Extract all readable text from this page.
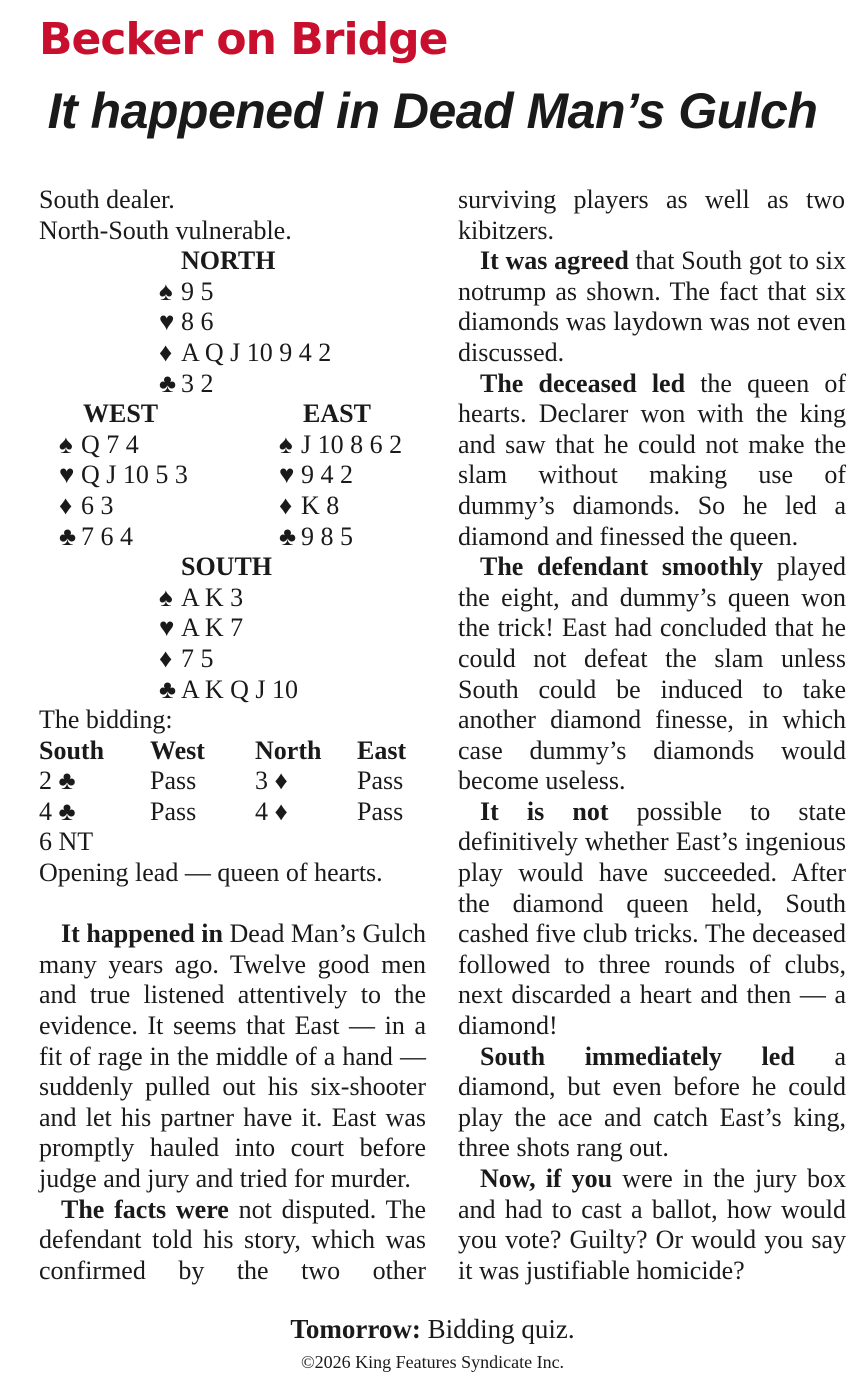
Becker on Bridge
It happened in Dead Man’s Gulch
South dealer.
North-South vulnerable.
NORTH
♠ 9 5
♥ 8 6
♦ A Q J 10 9 4 2
♣ 3 2
WEST	EAST
♠ Q 7 4	♠ J 10 8 6 2
♥ Q J 10 5 3	♥ 9 4 2
♦ 6 3	♦ K 8
♣ 7 6 4	♣ 9 8 5
SOUTH
♠ A K 3
♥ A K 7
♦ 7 5
♣ A K Q J 10
The bidding:
South West North East
2 ♣	Pass 3 ♦	Pass
4 ♣	Pass 4 ♦	Pass
6 NT
Opening lead — queen of hearts.
It happened in Dead Man’s Gulch many years ago. Twelve good men and true listened attentively to the evidence. It seems that East — in a fit of rage in the middle of a hand — suddenly pulled out his six-shooter and let his partner have it. East was promptly hauled into court before judge and jury and tried for murder.
The facts were not disputed. The defendant told his story, which was confirmed by the two other
surviving players as well as two kibitzers.
It was agreed that South got to six notrump as shown. The fact that six diamonds was laydown was not even discussed.
The deceased led the queen of hearts. Declarer won with the king and saw that he could not make the slam without making use of dummy’s diamonds. So he led a diamond and finessed the queen.
The defendant smoothly played the eight, and dummy’s queen won the trick! East had concluded that he could not defeat the slam unless South could be induced to take another diamond finesse, in which case dummy’s diamonds would become useless.
It is not possible to state definitively whether East’s ingenious play would have succeeded. After the diamond queen held, South cashed five club tricks. The deceased followed to three rounds of clubs, next discarded a heart and then — a diamond!
South immediately led a diamond, but even before he could play the ace and catch East’s king, three shots rang out.
Now, if you were in the jury box and had to cast a ballot, how would you vote? Guilty? Or would you say it was justifiable homicide?
Tomorrow: Bidding quiz.
©2026 King Features Syndicate Inc.
